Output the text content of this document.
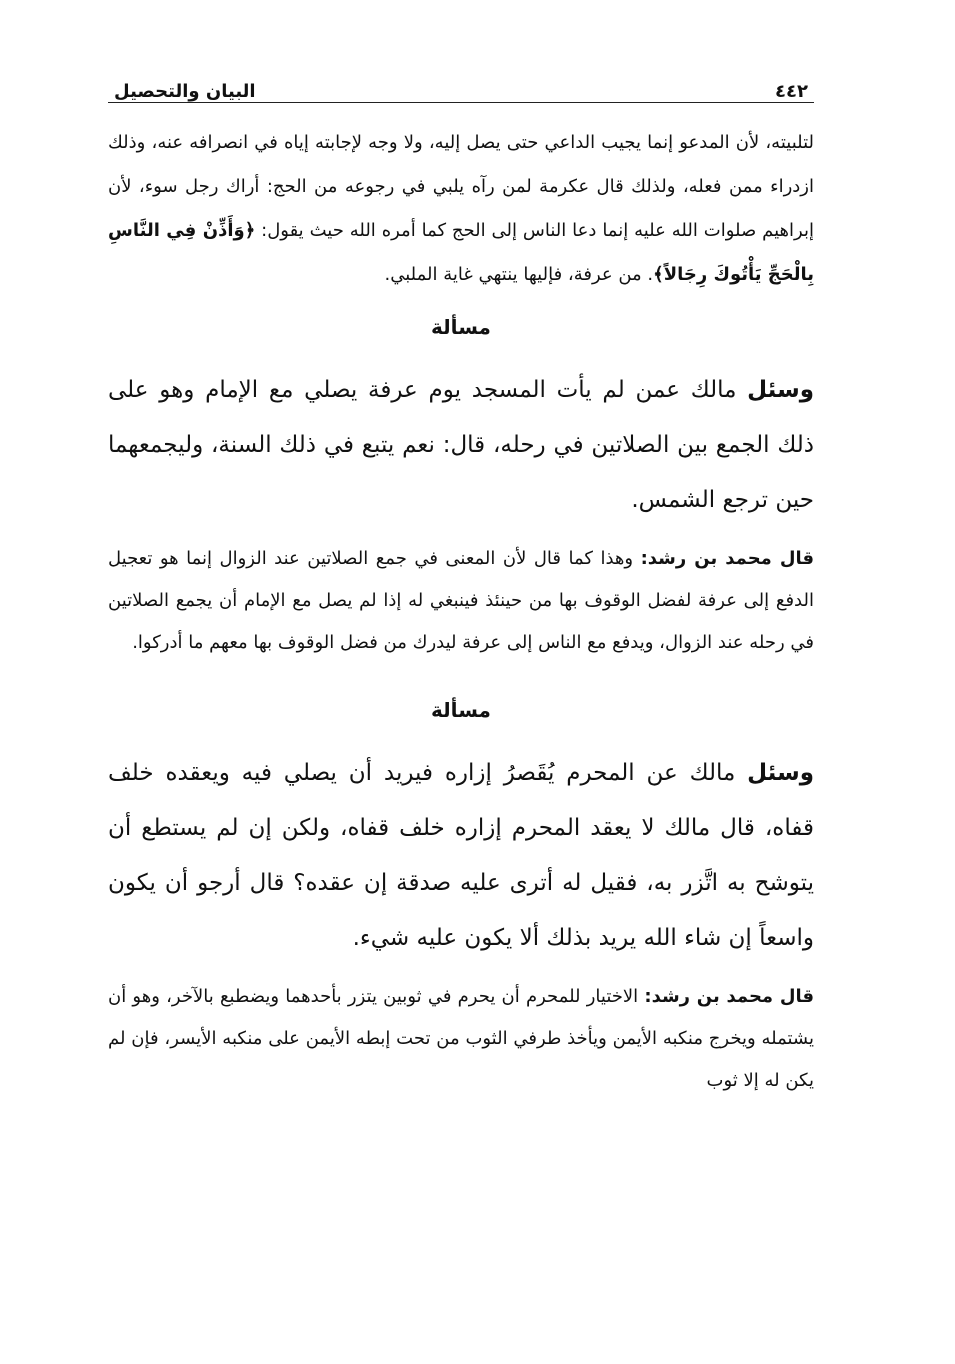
٤٤٢
البيان والتحصيل

لتلبيته، لأن المدعو إنما يجيب الداعي حتى يصل إليه، ولا وجه لإجابته إياه في انصرافه عنه، وذلك ازدراء ممن فعله، ولذلك قال عكرمة لمن رآه يلبي في رجوعه من الحج: أراك رجل سوء، لأن إبراهيم صلوات الله عليه إنما دعا الناس إلى الحج كما أمره الله حيث يقول: ﴿وَأَذِّنْ فِي النَّاسِ بِالْحَجِّ يَأْتُوكَ رِجَالاً﴾. من عرفة، فإليها ينتهي غاية الملبي.

مسألة

وسئل مالك عمن لم يأت المسجد يوم عرفة يصلي مع الإمام وهو على ذلك الجمع بين الصلاتين في رحله، قال: نعم يتبع في ذلك السنة، وليجمعهما حين ترجع الشمس.

قال محمد بن رشد: وهذا كما قال لأن المعنى في جمع الصلاتين عند الزوال إنما هو تعجيل الدفع إلى عرفة لفضل الوقوف بها من حينئذ فينبغي له إذا لم يصل مع الإمام أن يجمع الصلاتين في رحله عند الزوال، ويدفع مع الناس إلى عرفة ليدرك من فضل الوقوف بها معهم ما أدركوا.

مسألة

وسئل مالك عن المحرم يُقَصرُ إزاره فيريد أن يصلي فيه ويعقده خلف قفاه، قال مالك لا يعقد المحرم إزاره خلف قفاه، ولكن إن لم يستطع أن يتوشح به اتَّزر به، فقيل له أترى عليه صدقة إن عقده؟ قال أرجو أن يكون واسعاً إن شاء الله يريد بذلك ألا يكون عليه شيء.

قال محمد بن رشد: الاختيار للمحرم أن يحرم في ثوبين يتزر بأحدهما ويضطبع بالآخر، وهو أن يشتمله ويخرج منكبه الأيمن ويأخذ طرفي الثوب من تحت إبطه الأيمن على منكبه الأيسر، فإن لم يكن له إلا ثوب
